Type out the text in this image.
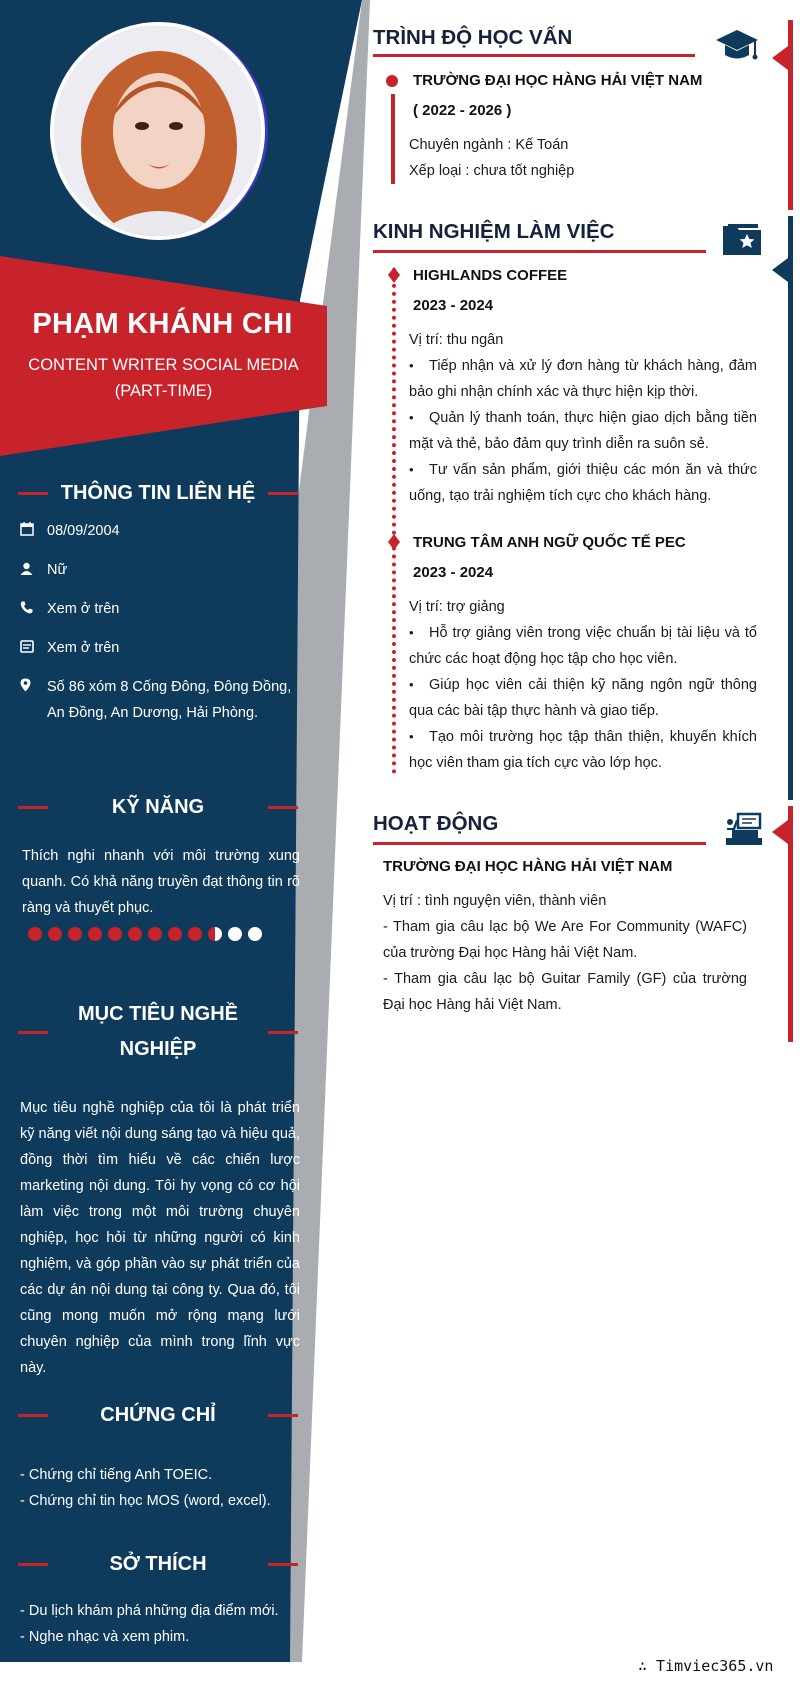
PHẠM KHÁNH CHI
CONTENT WRITER SOCIAL MEDIA (PART-TIME)
THÔNG TIN LIÊN HỆ
08/09/2004
Nữ
Xem ở trên
Xem ở trên
Số 86 xóm 8 Cống Đông, Đông Đồng, An Đồng, An Dương, Hải Phòng.
KỸ NĂNG
Thích nghi nhanh với môi trường xung quanh. Có khả năng truyền đạt thông tin rõ ràng và thuyết phục.
MỤC TIÊU NGHỀ NGHIỆP
Mục tiêu nghề nghiệp của tôi là phát triển kỹ năng viết nội dung sáng tạo và hiệu quả, đồng thời tìm hiểu về các chiến lược marketing nội dung. Tôi hy vọng có cơ hội làm việc trong một môi trường chuyên nghiệp, học hỏi từ những người có kinh nghiệm, và góp phần vào sự phát triển của các dự án nội dung tại công ty. Qua đó, tôi cũng mong muốn mở rộng mạng lưới chuyên nghiệp của mình trong lĩnh vực này.
CHỨNG CHỈ
- Chứng chỉ tiếng Anh TOEIC.
- Chứng chỉ tin học MOS (word, excel).
SỞ THÍCH
- Du lịch khám phá những địa điểm mới.
- Nghe nhạc và xem phim.
TRÌNH ĐỘ HỌC VẤN
TRƯỜNG ĐẠI HỌC HÀNG HẢI VIỆT NAM
( 2022 - 2026 )
Chuyên ngành : Kế Toán
Xếp loại : chưa tốt nghiệp
KINH NGHIỆM LÀM VIỆC
HIGHLANDS COFFEE
2023 - 2024
Vị trí: thu ngân
• Tiếp nhận và xử lý đơn hàng từ khách hàng, đảm bảo ghi nhận chính xác và thực hiện kịp thời.
• Quản lý thanh toán, thực hiện giao dịch bằng tiền mặt và thẻ, bảo đảm quy trình diễn ra suôn sẻ.
• Tư vấn sản phẩm, giới thiệu các món ăn và thức uống, tạo trải nghiệm tích cực cho khách hàng.
TRUNG TÂM ANH NGỮ QUỐC TẾ PEC
2023 - 2024
Vị trí: trợ giảng
• Hỗ trợ giảng viên trong việc chuẩn bị tài liệu và tổ chức các hoạt động học tập cho học viên.
• Giúp học viên cải thiện kỹ năng ngôn ngữ thông qua các bài tập thực hành và giao tiếp.
• Tạo môi trường học tập thân thiện, khuyến khích học viên tham gia tích cực vào lớp học.
HOẠT ĐỘNG
TRƯỜNG ĐẠI HỌC HÀNG HẢI VIỆT NAM
Vị trí : tình nguyện viên, thành viên
- Tham gia câu lạc bộ We Are For Community (WAFC) của trường Đại học Hàng hải Việt Nam.
- Tham gia câu lạc bộ Guitar Family (GF) của trường Đại học Hàng hải Việt Nam.
∴ Timviec365.vn
